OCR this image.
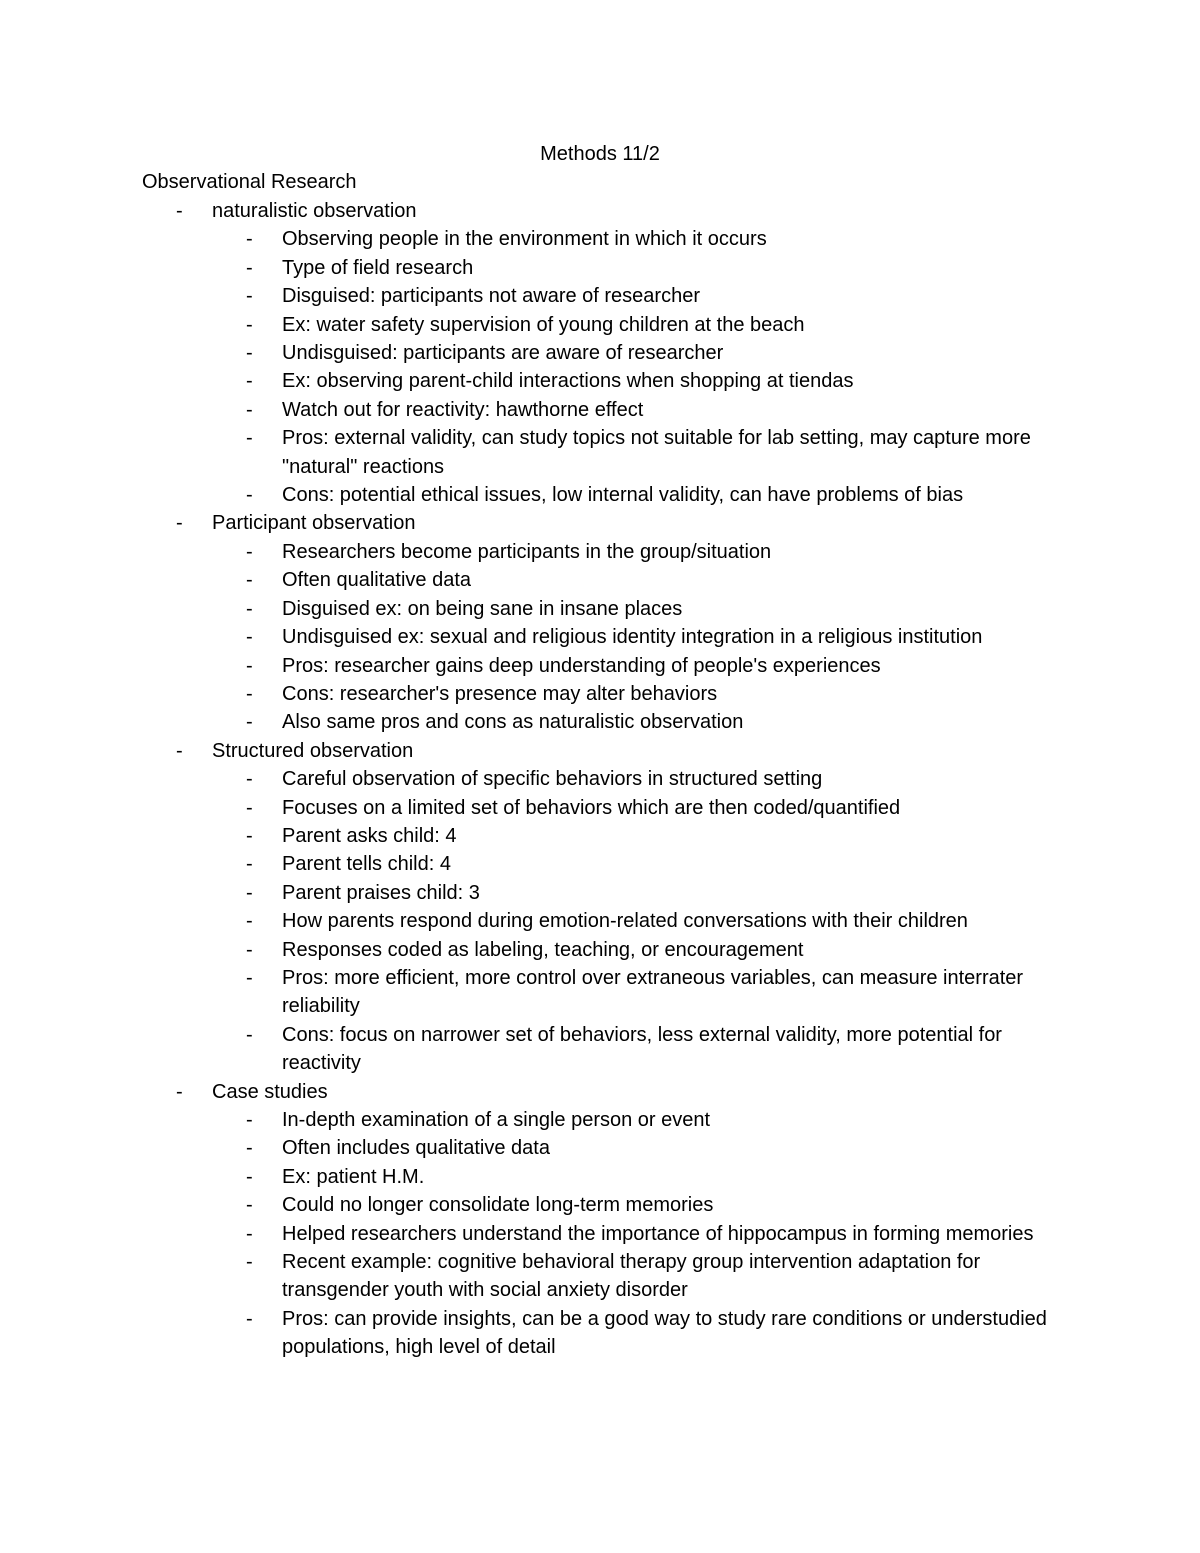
Methods 11/2
Observational Research
- naturalistic observation
- Observing people in the environment in which it occurs
- Type of field research
- Disguised: participants not aware of researcher
- Ex: water safety supervision of young children at the beach
- Undisguised: participants are aware of researcher
- Ex: observing parent-child interactions when shopping at tiendas
- Watch out for reactivity: hawthorne effect
- Pros: external validity, can study topics not suitable for lab setting, may capture more "natural" reactions
- Cons: potential ethical issues, low internal validity, can have problems of bias
- Participant observation
- Researchers become participants in the group/situation
- Often qualitative data
- Disguised ex: on being sane in insane places
- Undisguised ex: sexual and religious identity integration in a religious institution
- Pros: researcher gains deep understanding of people's experiences
- Cons: researcher's presence may alter behaviors
- Also same pros and cons as naturalistic observation
- Structured observation
- Careful observation of specific behaviors in structured setting
- Focuses on a limited set of behaviors which are then coded/quantified
- Parent asks child: 4
- Parent tells child: 4
- Parent praises child: 3
- How parents respond during emotion-related conversations with their children
- Responses coded as labeling, teaching, or encouragement
- Pros: more efficient, more control over extraneous variables, can measure interrater reliability
- Cons: focus on narrower set of behaviors, less external validity, more potential for reactivity
- Case studies
- In-depth examination of a single person or event
- Often includes qualitative data
- Ex: patient H.M.
- Could no longer consolidate long-term memories
- Helped researchers understand the importance of hippocampus in forming memories
- Recent example: cognitive behavioral therapy group intervention adaptation for transgender youth with social anxiety disorder
- Pros: can provide insights, can be a good way to study rare conditions or understudied populations, high level of detail
